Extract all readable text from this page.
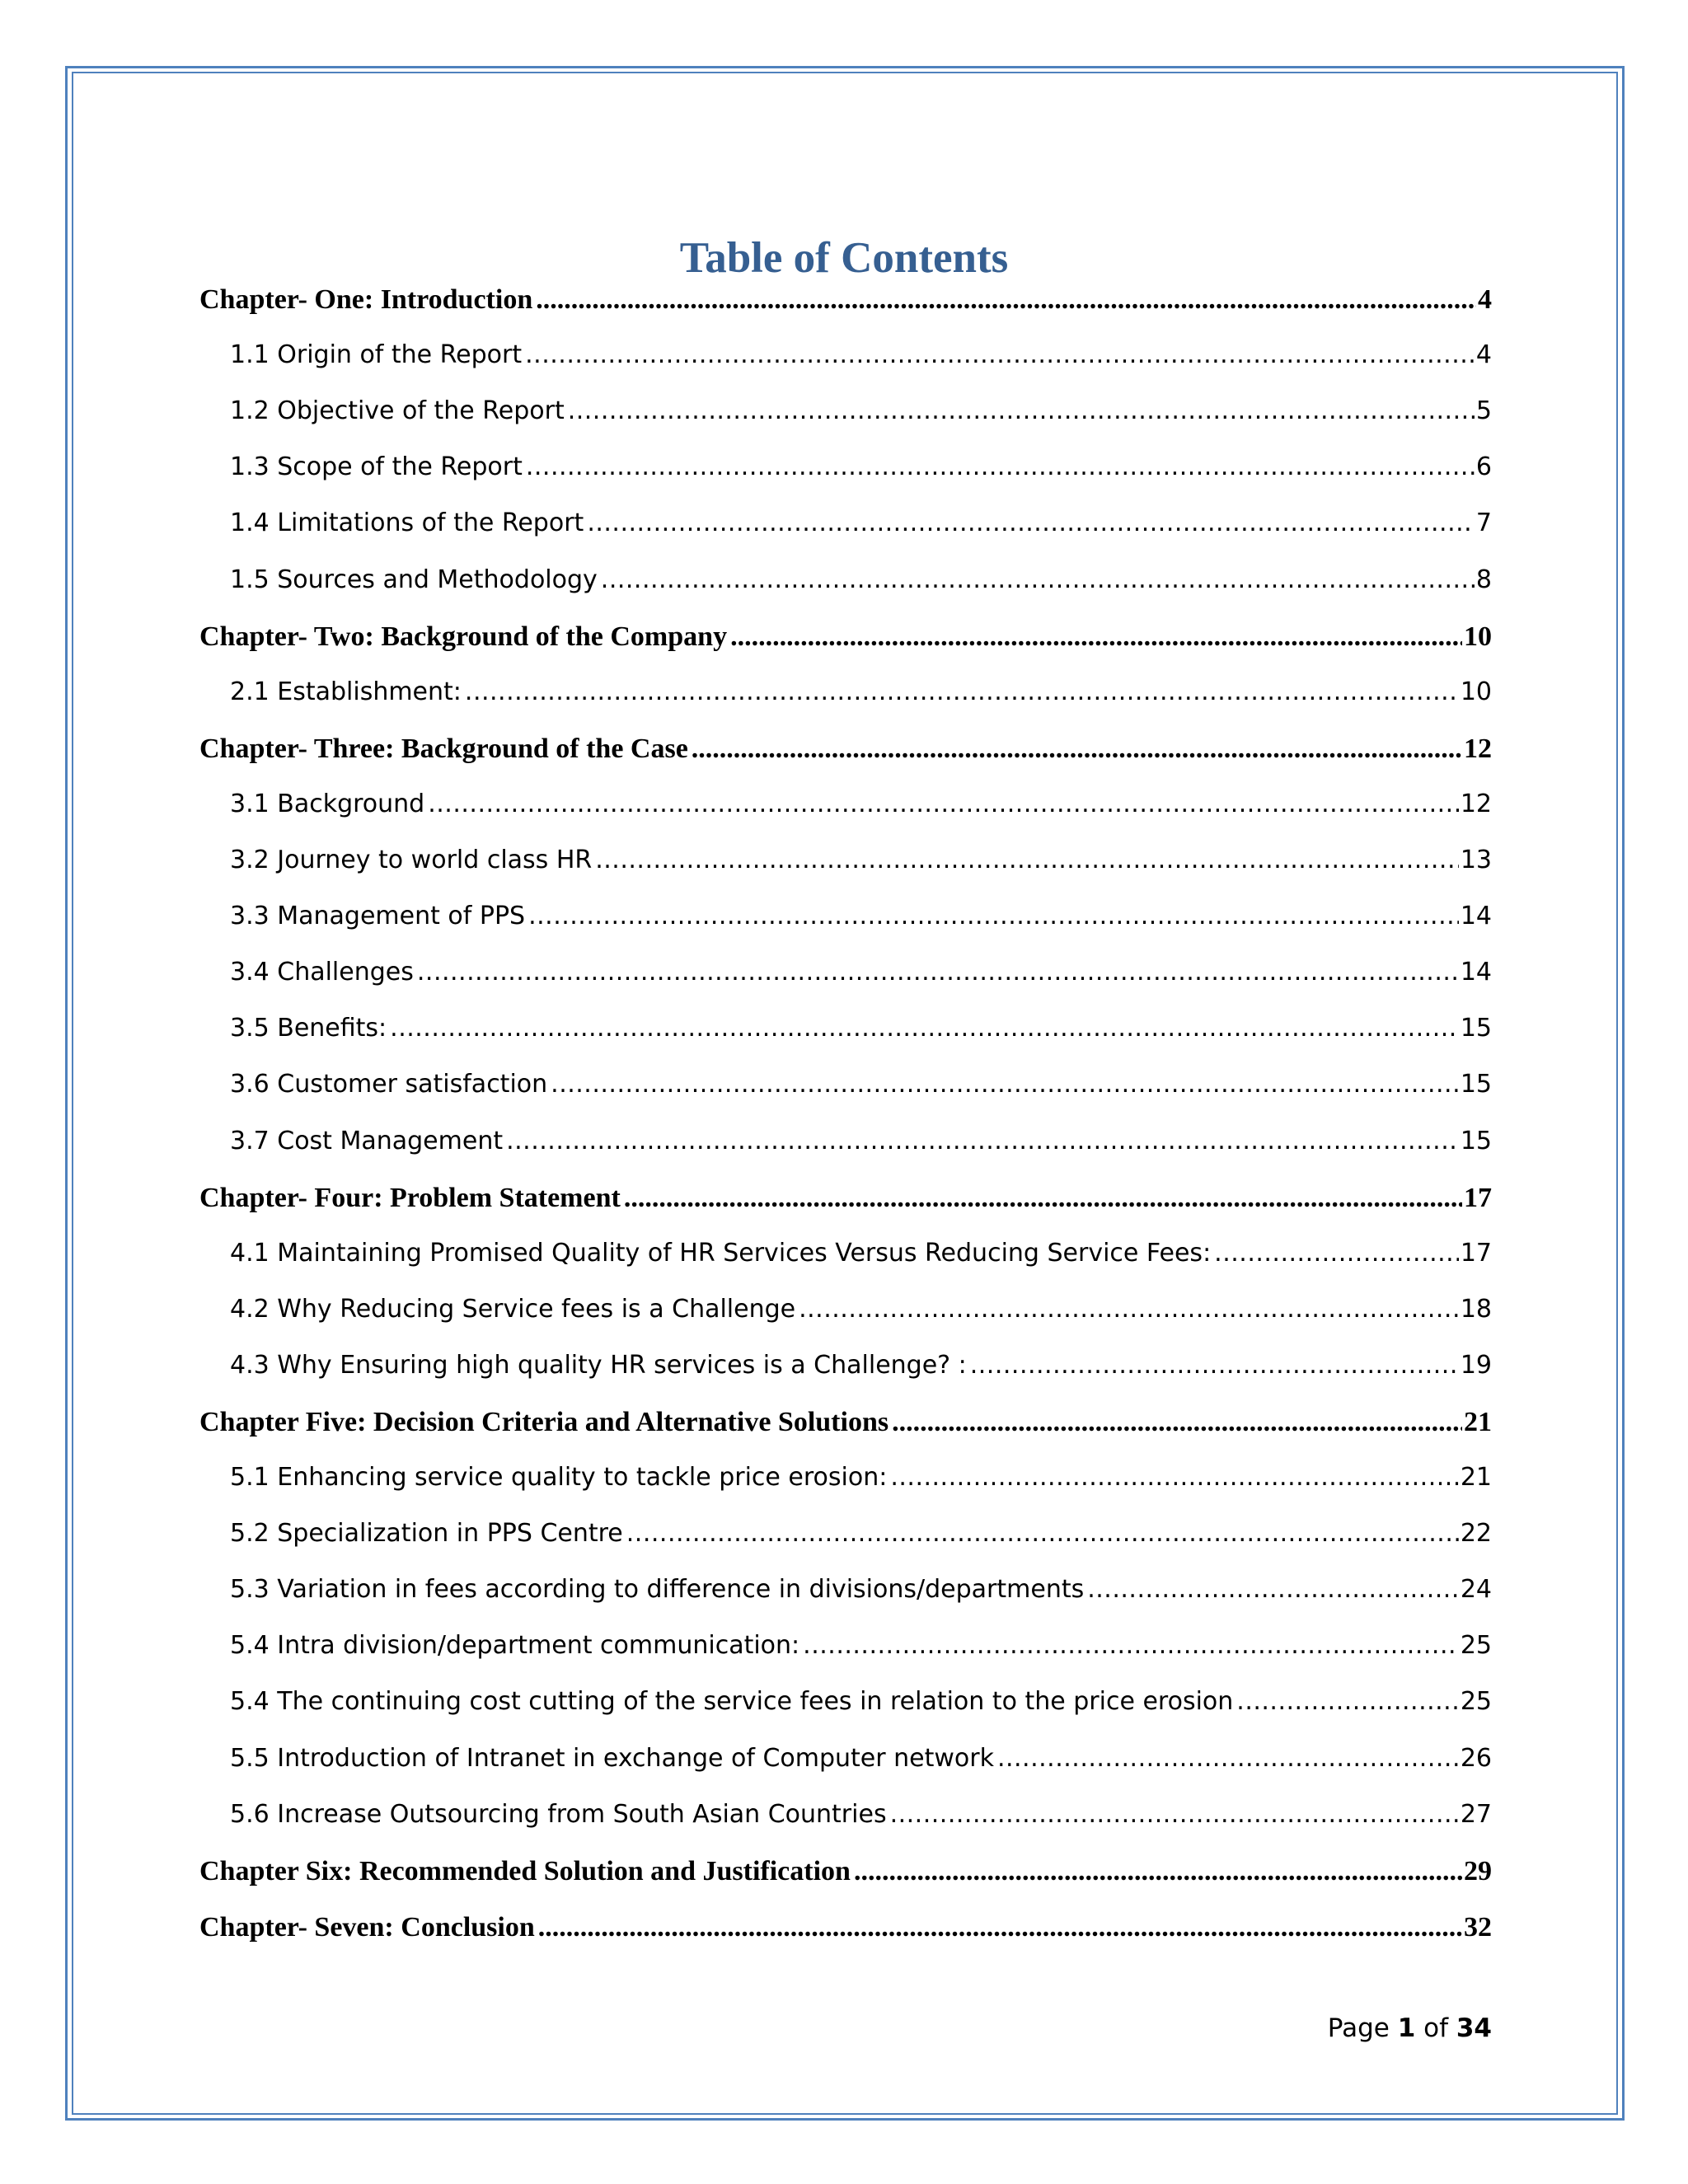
Table of Contents
Chapter- One: Introduction .....	4
1.1 Origin of the Report .....	4
1.2 Objective of the Report .....	5
1.3 Scope of the Report .....	6
1.4 Limitations of the Report .....	7
1.5 Sources and Methodology .....	8
Chapter- Two: Background of the Company .....	10
2.1 Establishment: .....	10
Chapter- Three: Background of the Case .....	12
3.1 Background .....	12
3.2 Journey to world class HR .....	13
3.3 Management of PPS .....	14
3.4 Challenges .....	14
3.5 Benefits: .....	15
3.6 Customer satisfaction .....	15
3.7 Cost Management .....	15
Chapter- Four: Problem Statement .....	17
4.1 Maintaining Promised Quality of HR Services Versus Reducing Service Fees: .....	17
4.2 Why Reducing Service fees is a Challenge .....	18
4.3 Why Ensuring high quality HR services is a Challenge? : .....	19
Chapter Five: Decision Criteria and Alternative Solutions .....	21
5.1 Enhancing service quality to tackle price erosion: .....	21
5.2 Specialization in PPS Centre .....	22
5.3 Variation in fees according to difference in divisions/departments .....	24
5.4 Intra division/department communication: .....	25
5.4 The continuing cost cutting of the service fees in relation to the price erosion .....	25
5.5 Introduction of Intranet in exchange of Computer network .....	26
5.6 Increase Outsourcing from South Asian Countries .....	27
Chapter Six: Recommended Solution and Justification .....	29
Chapter- Seven: Conclusion .....	32
Page 1 of 34
